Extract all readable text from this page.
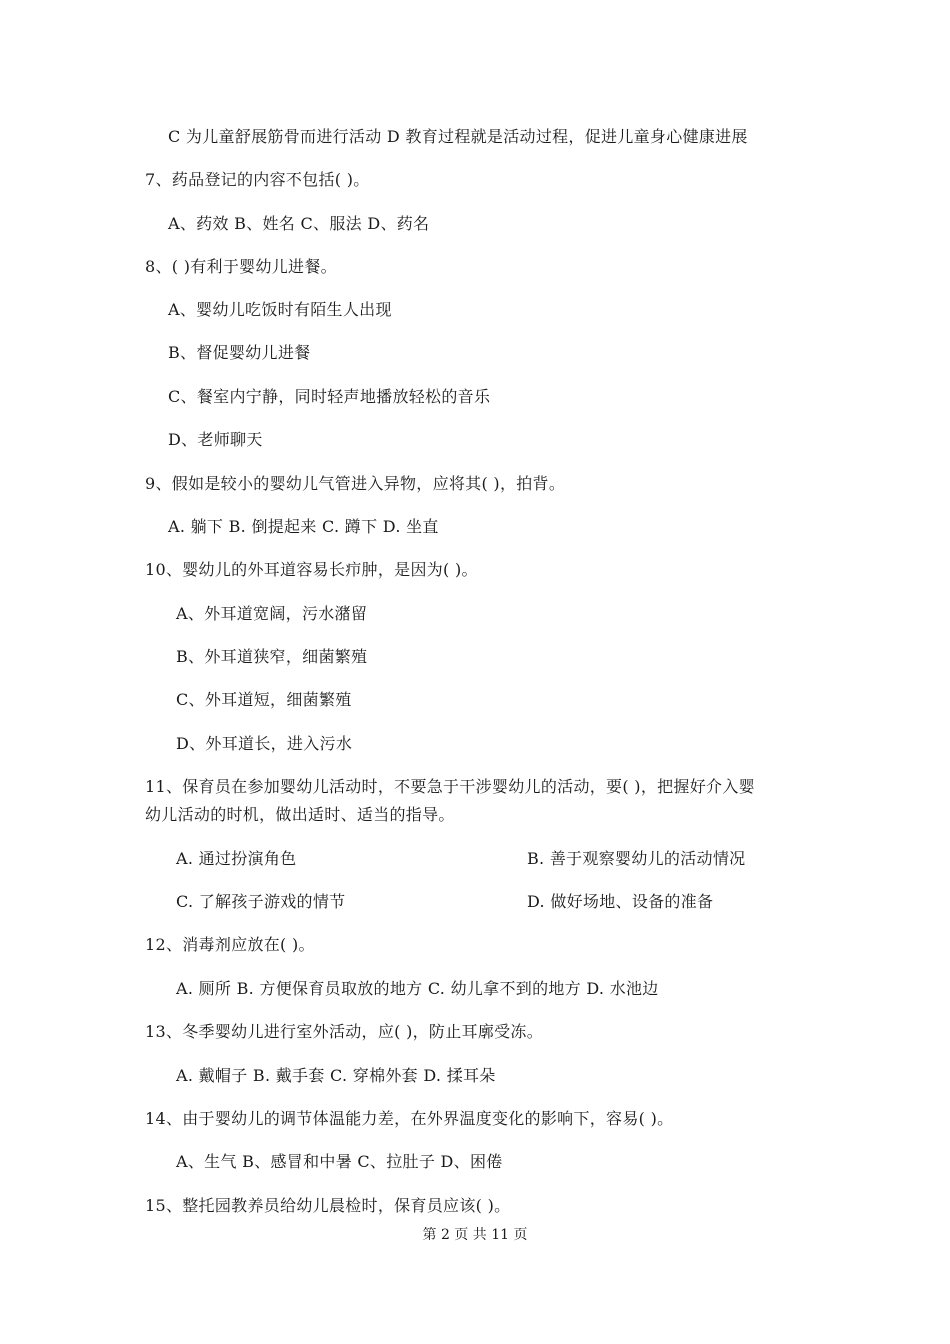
C 为儿童舒展筋骨而进行活动 D 教育过程就是活动过程，促进儿童身心健康进展
7、药品登记的内容不包括( )。
A、药效 B、姓名 C、服法 D、药名
8、( )有利于婴幼儿进餐。
A、婴幼儿吃饭时有陌生人出现
B、督促婴幼儿进餐
C、餐室内宁静，同时轻声地播放轻松的音乐
D、老师聊天
9、假如是较小的婴幼儿气管进入异物，应将其( )，拍背。
A. 躺下 B. 倒提起来 C. 蹲下 D. 坐直
10、婴幼儿的外耳道容易长疖肿，是因为( )。
A、外耳道宽阔，污水潴留
B、外耳道狭窄，细菌繁殖
C、外耳道短，细菌繁殖
D、外耳道长，进入污水
11、保育员在参加婴幼儿活动时，不要急于干涉婴幼儿的活动，要( )，把握好介入婴
幼儿活动的时机，做出适时、适当的指导。
A. 通过扮演角色	B. 善于观察婴幼儿的活动情况
C. 了解孩子游戏的情节	D. 做好场地、设备的准备
12、消毒剂应放在( )。
A. 厕所 B. 方便保育员取放的地方 C. 幼儿拿不到的地方 D. 水池边
13、冬季婴幼儿进行室外活动，应( )，防止耳廓受冻。
A. 戴帽子 B. 戴手套 C. 穿棉外套 D. 揉耳朵
14、由于婴幼儿的调节体温能力差，在外界温度变化的影响下，容易( )。
A、生气 B、感冒和中暑 C、拉肚子 D、困倦
15、整托园教养员给幼儿晨检时，保育员应该( )。
第 2 页 共 11 页
